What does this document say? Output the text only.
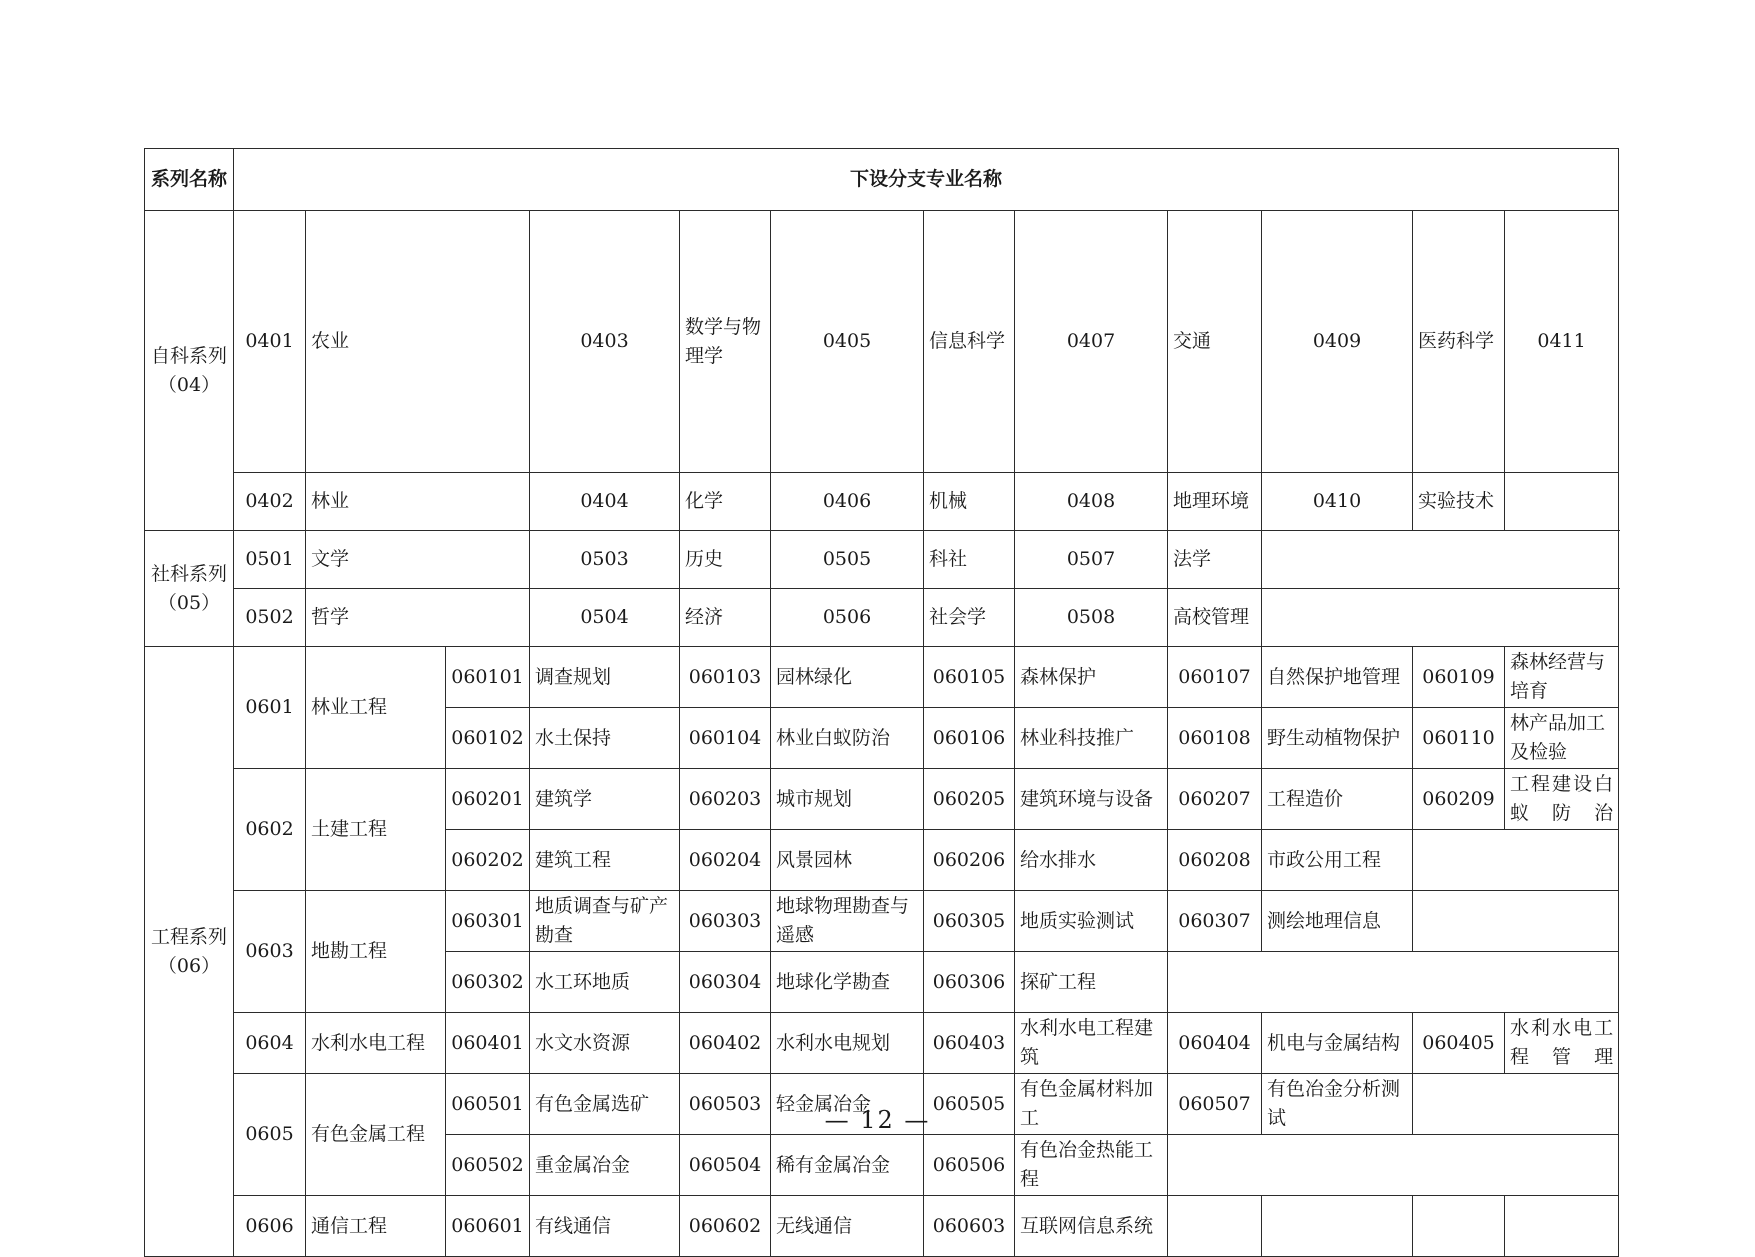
系列名称	下设分支专业名称												
自科系列（04）	0401	农业		0403	数学与物理学	0405	信息科学	0407	交通	0409	医药科学	0411	
	0402	林业		0404	化学	0406	机械	0408	地理环境	0410	实验技术		
社科系列（05）	0501	文学		0503	历史	0505	科社	0507	法学				
	0502	哲学		0504	经济	0506	社会学	0508	高校管理				
工程系列（06）	0601	林业工程	060101	调查规划	060103	园林绿化	060105	森林保护	060107	自然保护地管理	060109	森林经营与培育	
			060102	水土保持	060104	林业白蚁防治	060106	林业科技推广	060108	野生动植物保护	060110	林产品加工及检验	
	0602	土建工程	060201	建筑学	060203	城市规划	060205	建筑环境与设备	060207	工程造价	060209	工程建设白蚁防治	
			060202	建筑工程	060204	风景园林	060206	给水排水	060208	市政公用工程			
	0603	地勘工程	060301	地质调查与矿产勘查	060303	地球物理勘查与遥感	060305	地质实验测试	060307	测绘地理信息			
			060302	水工环地质	060304	地球化学勘查	060306	探矿工程					
	0604	水利水电工程	060401	水文水资源	060402	水利水电规划	060403	水利水电工程建筑	060404	机电与金属结构	060405	水利水电工程管理	
	0605	有色金属工程	060501	有色金属选矿	060503	轻金属冶金	060505	有色金属材料加工	060507	有色冶金分析测试			
			060502	重金属冶金	060504	稀有金属冶金	060506	有色冶金热能工程					
	0606	通信工程	060601	有线通信	060602	无线通信	060603	互联网信息系统					
— 12 —
